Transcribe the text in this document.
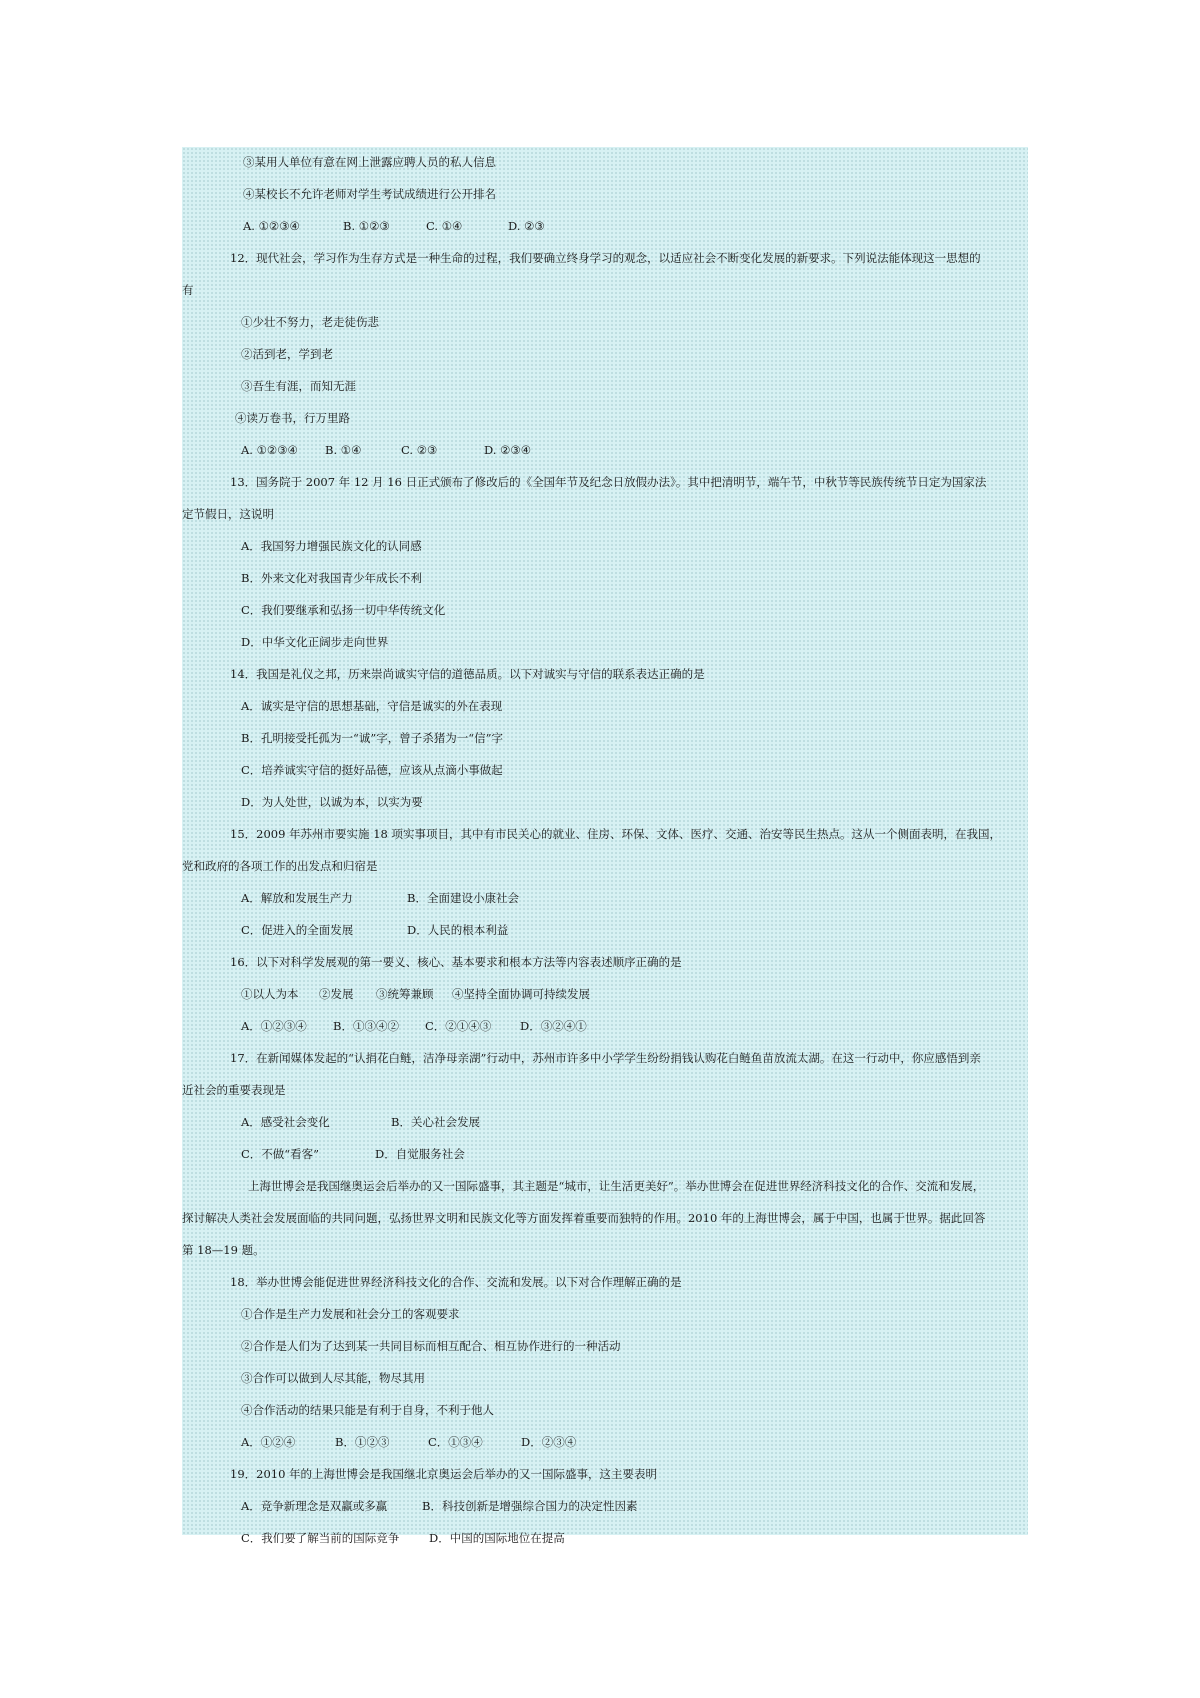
③某用人单位有意在网上泄露应聘人员的私人信息
④某校长不允许老师对学生考试成绩进行公开排名
A. ①②③④	B. ①②③	C. ①④	D. ②③
12．现代社会，学习作为生存方式是一种生命的过程，我们要确立终身学习的观念，以适应社会不断变化发展的新要求。下列说法能体现这一思想的
有
①少壮不努力，老走徒伤悲
②活到老，学到老
③吾生有涯，而知无涯
④读万卷书，行万里路
A. ①②③④ B. ①④	C. ②③	D. ②③④
13．国务院于 2007 年 12 月 16 日正式颁布了修改后的《全国年节及纪念日放假办法》。其中把清明节，端午节，中秋节等民族传统节日定为国家法
定节假日，这说明
A．我国努力增强民族文化的认同感
B．外来文化对我国青少年成长不利
C．我们要继承和弘扬一切中华传统文化
D．中华文化正阔步走向世界
14．我国是礼仪之邦，历来崇尚诚实守信的道德品质。以下对诚实与守信的联系表达正确的是
A．诚实是守信的思想基础，守信是诚实的外在表现
B．孔明接受托孤为一“诚”字，曾子杀猪为一“信”字
C．培养诚实守信的挺好品德，应该从点滴小事做起
D．为人处世，以诚为本，以实为要
15．2009 年苏州市要实施 18 项实事项目，其中有市民关心的就业、住房、环保、文体、医疗、交通、治安等民生热点。这从一个侧面表明，在我国，
党和政府的各项工作的出发点和归宿是
A．解放和发展生产力	B．全面建设小康社会
C．促进入的全面发展	D．人民的根本利益
16．以下对科学发展观的第一要义、核心、基本要求和根本方法等内容表述顺序正确的是
①以人为本 ②发展 ③统筹兼顾 ④坚持全面协调可持续发展
A．①②③④ B．①③④② C．②①④③ D．③②④①
17．在新闻媒体发起的“认捐花白鲢，洁净母亲湖”行动中，苏州市许多中小学学生纷纷捐钱认购花白鲢鱼苗放流太湖。在这一行动中，你应感悟到亲
近社会的重要表现是
A．感受社会变化	B．关心社会发展
C．不做“看客”	D．自觉服务社会
上海世博会是我国继奥运会后举办的又一国际盛事，其主题是“城市，让生活更美好”。举办世博会在促进世界经济科技文化的合作、交流和发展，
探讨解决人类社会发展面临的共同问题，弘扬世界文明和民族文化等方面发挥着重要而独特的作用。2010 年的上海世博会，属于中国，也属于世界。据此回答
第 18—19 题。
18．举办世博会能促进世界经济科技文化的合作、交流和发展。以下对合作理解正确的是
①合作是生产力发展和社会分工的客观要求
②合作是人们为了达到某一共同目标而相互配合、相互协作进行的一种活动
③合作可以做到人尽其能，物尽其用
④合作活动的结果只能是有利于自身，不利于他人
A．①②④	B．①②③	C．①③④	D．②③④
19．2010 年的上海世博会是我国继北京奥运会后举办的又一国际盛事，这主要表明
A．竞争新理念是双赢或多赢	B．科技创新是增强综合国力的决定性因素
C．我们要了解当前的国际竞争	D．中国的国际地位在提高
